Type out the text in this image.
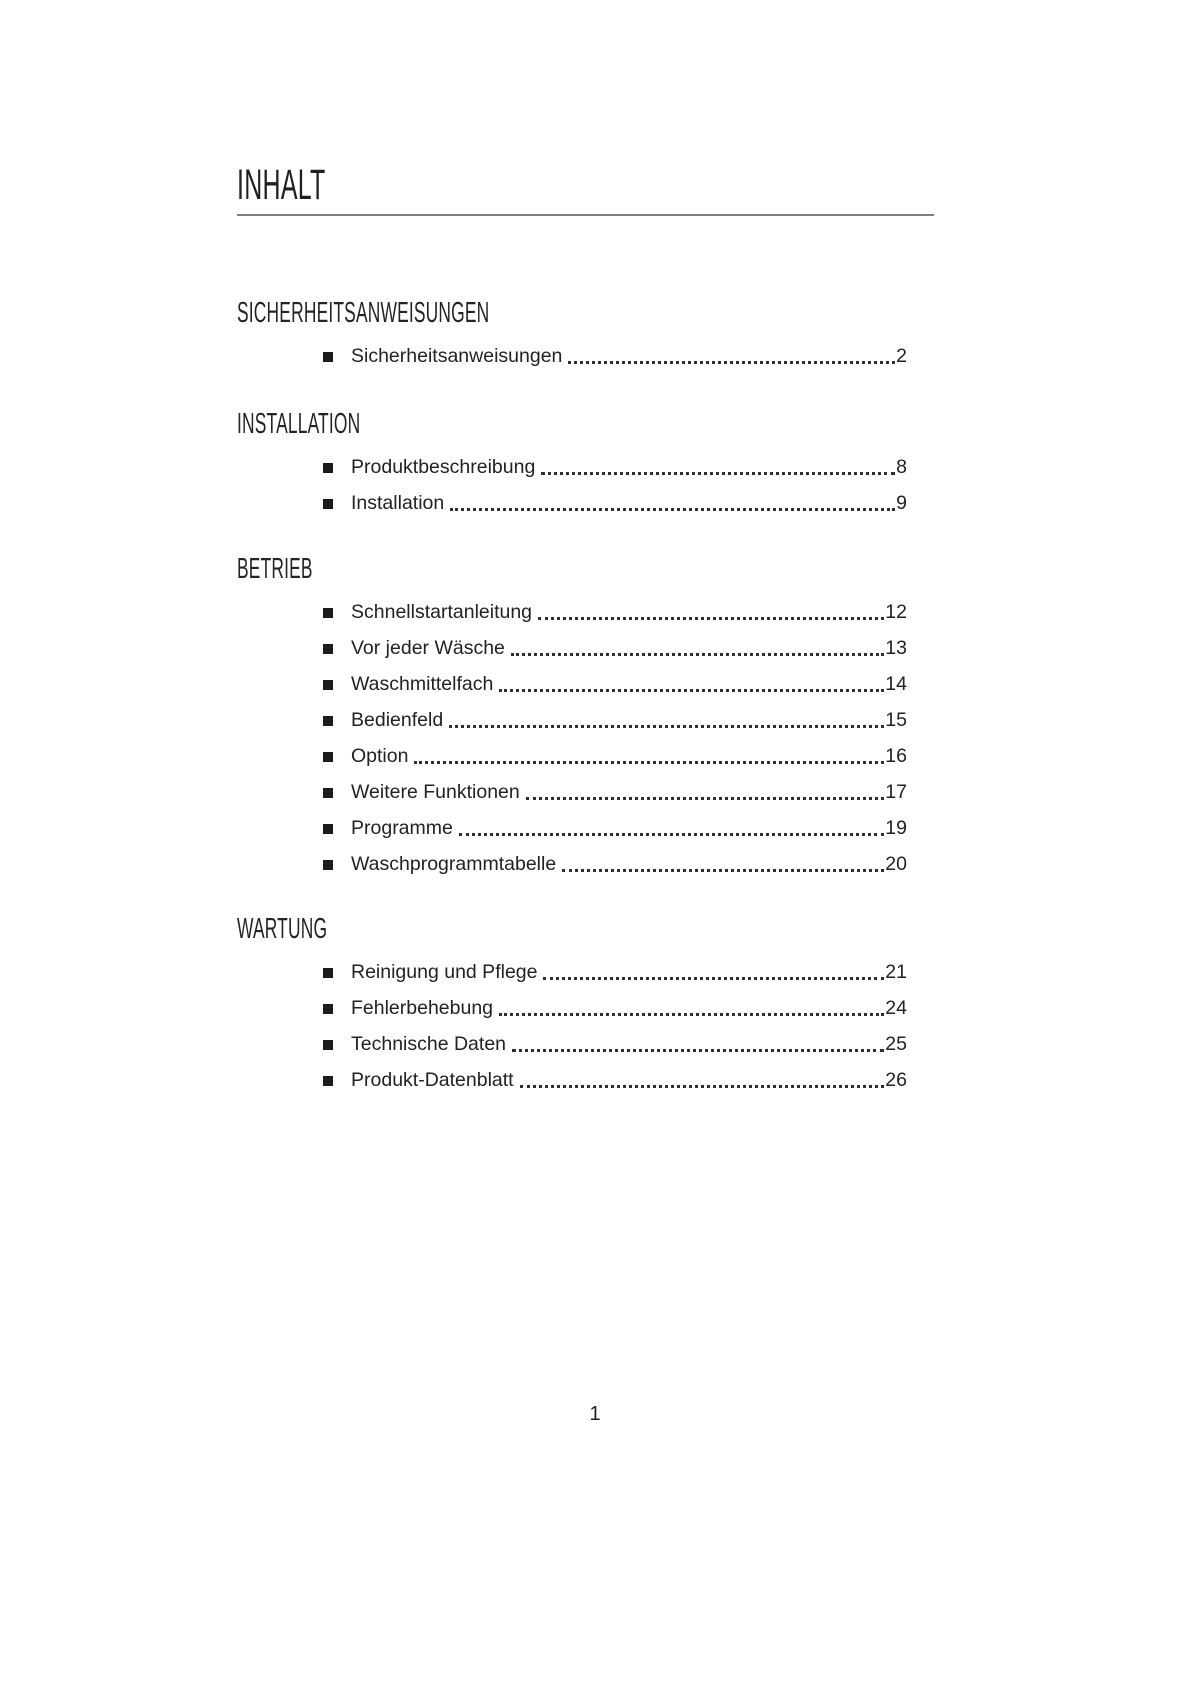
INHALT
SICHERHEITSANWEISUNGEN
Sicherheitsanweisungen	2
INSTALLATION
Produktbeschreibung	8
Installation	9
BETRIEB
Schnellstartanleitung	12
Vor jeder Wäsche	13
Waschmittelfach	14
Bedienfeld	15
Option	16
Weitere Funktionen	17
Programme	19
Waschprogrammtabelle	20
WARTUNG
Reinigung und Pflege	21
Fehlerbehebung	24
Technische Daten	25
Produkt-Datenblatt	26
1
